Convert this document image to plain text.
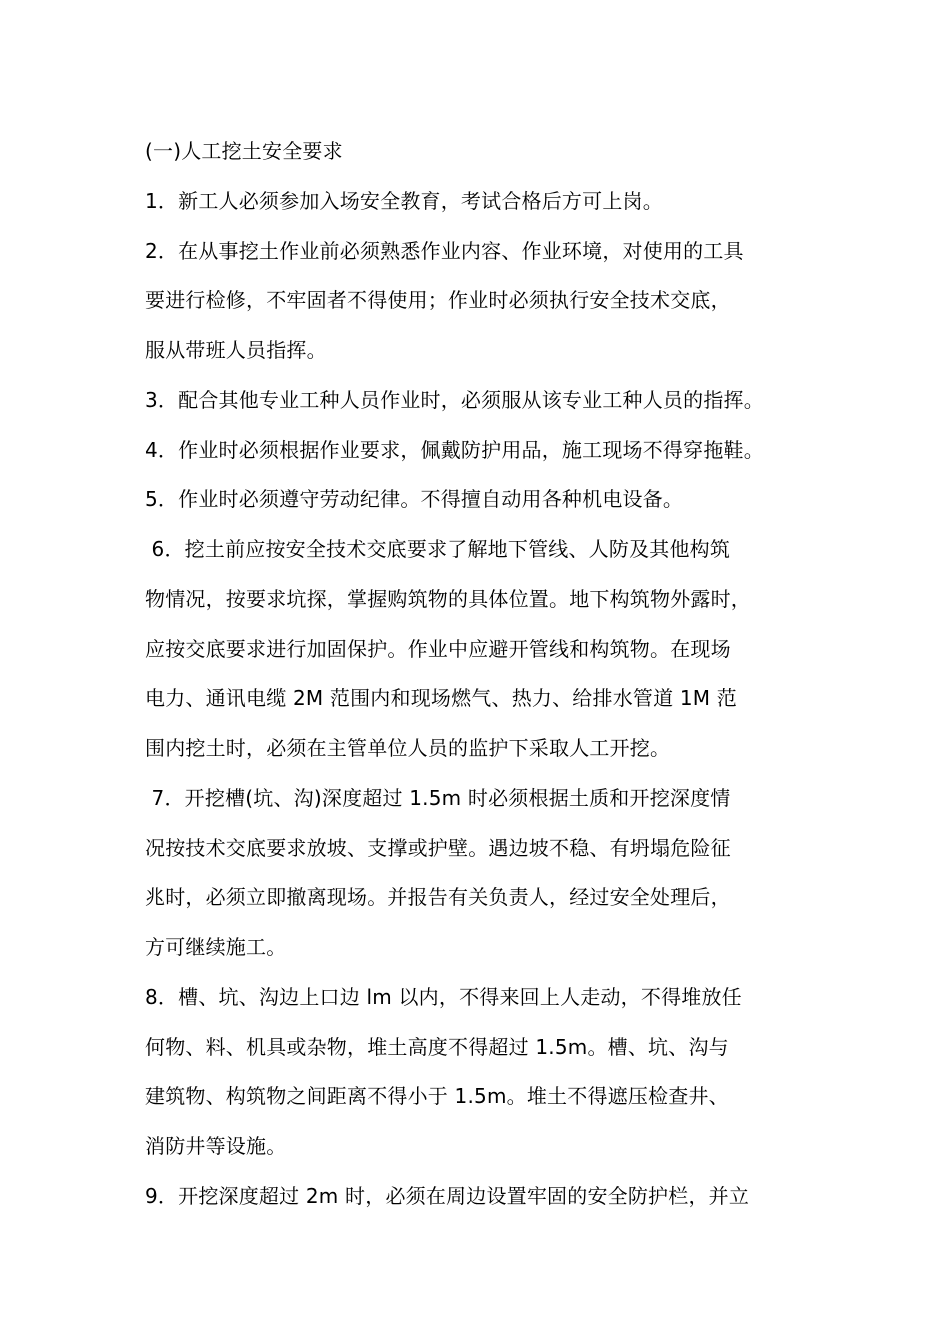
(一)人工挖土安全要求
1．新工人必须参加入场安全教育，考试合格后方可上岗。
2．在从事挖土作业前必须熟悉作业内容、作业环境，对使用的工具
要进行检修，不牢固者不得使用；作业时必须执行安全技术交底，
服从带班人员指挥。
3．配合其他专业工种人员作业时，必须服从该专业工种人员的指挥。
4．作业时必须根据作业要求，佩戴防护用品，施工现场不得穿拖鞋。
5．作业时必须遵守劳动纪律。不得擅自动用各种机电设备。
6．挖土前应按安全技术交底要求了解地下管线、人防及其他构筑
物情况，按要求坑探，掌握购筑物的具体位置。地下构筑物外露时，
应按交底要求进行加固保护。作业中应避开管线和构筑物。在现场
电力、通讯电缆 2M 范围内和现场燃气、热力、给排水管道 1M 范
围内挖土时，必须在主管单位人员的监护下采取人工开挖。
7．开挖槽(坑、沟)深度超过 1.5m 时必须根据土质和开挖深度情
况按技术交底要求放坡、支撑或护壁。遇边坡不稳、有坍塌危险征
兆时，必须立即撤离现场。并报告有关负责人，经过安全处理后，
方可继续施工。
8．槽、坑、沟边上口边 lm 以内，不得来回上人走动，不得堆放任
何物、料、机具或杂物，堆土高度不得超过 1.5m。槽、坑、沟与
建筑物、构筑物之间距离不得小于 1.5m。堆土不得遮压检查井、
消防井等设施。
9．开挖深度超过 2m 时，必须在周边设置牢固的安全防护栏，并立
